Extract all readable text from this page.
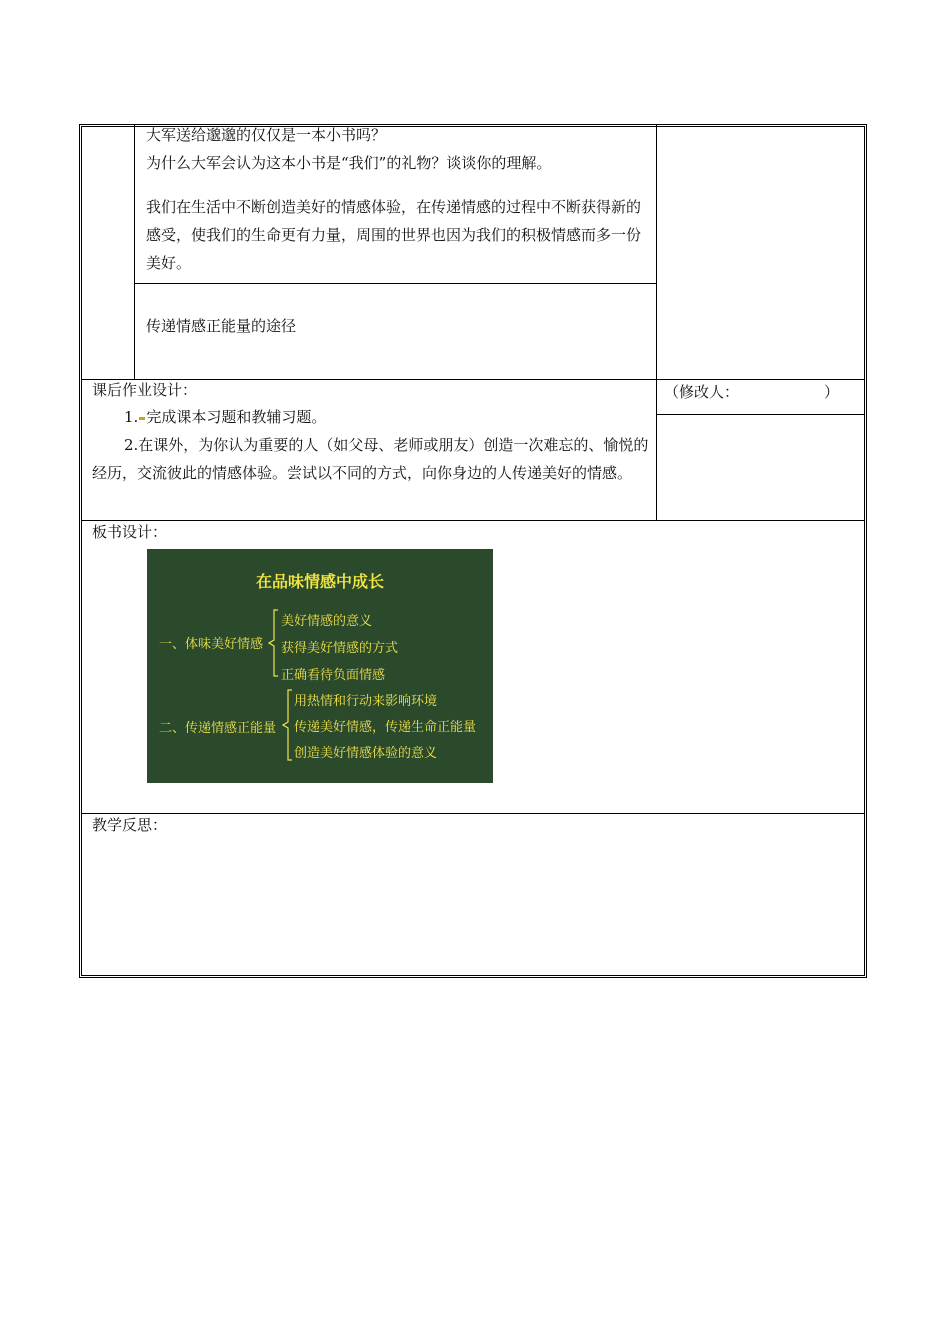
大军送给邈邈的仅仅是一本小书吗？
为什么大军会认为这本小书是“我们”的礼物？谈谈你的理解。
我们在生活中不断创造美好的情感体验，在传递情感的过程中不断获得新的感受，使我们的生命更有力量，周围的世界也因为我们的积极情感而多一份美好。
传递情感正能量的途径
课后作业设计：
1. 完成课本习题和教辅习题。
2.在课外，为你认为重要的人（如父母、老师或朋友）创造一次难忘的、愉悦的经历，交流彼此的情感体验。尝试以不同的方式，向你身边的人传递美好的情感。
（修改人：	）
板书设计：
在品味情感中成长
一、体味美好情感
美好情感的意义
获得美好情感的方式
正确看待负面情感
二、传递情感正能量
用热情和行动来影响环境
传递美好情感，传递生命正能量
创造美好情感体验的意义
教学反思：
